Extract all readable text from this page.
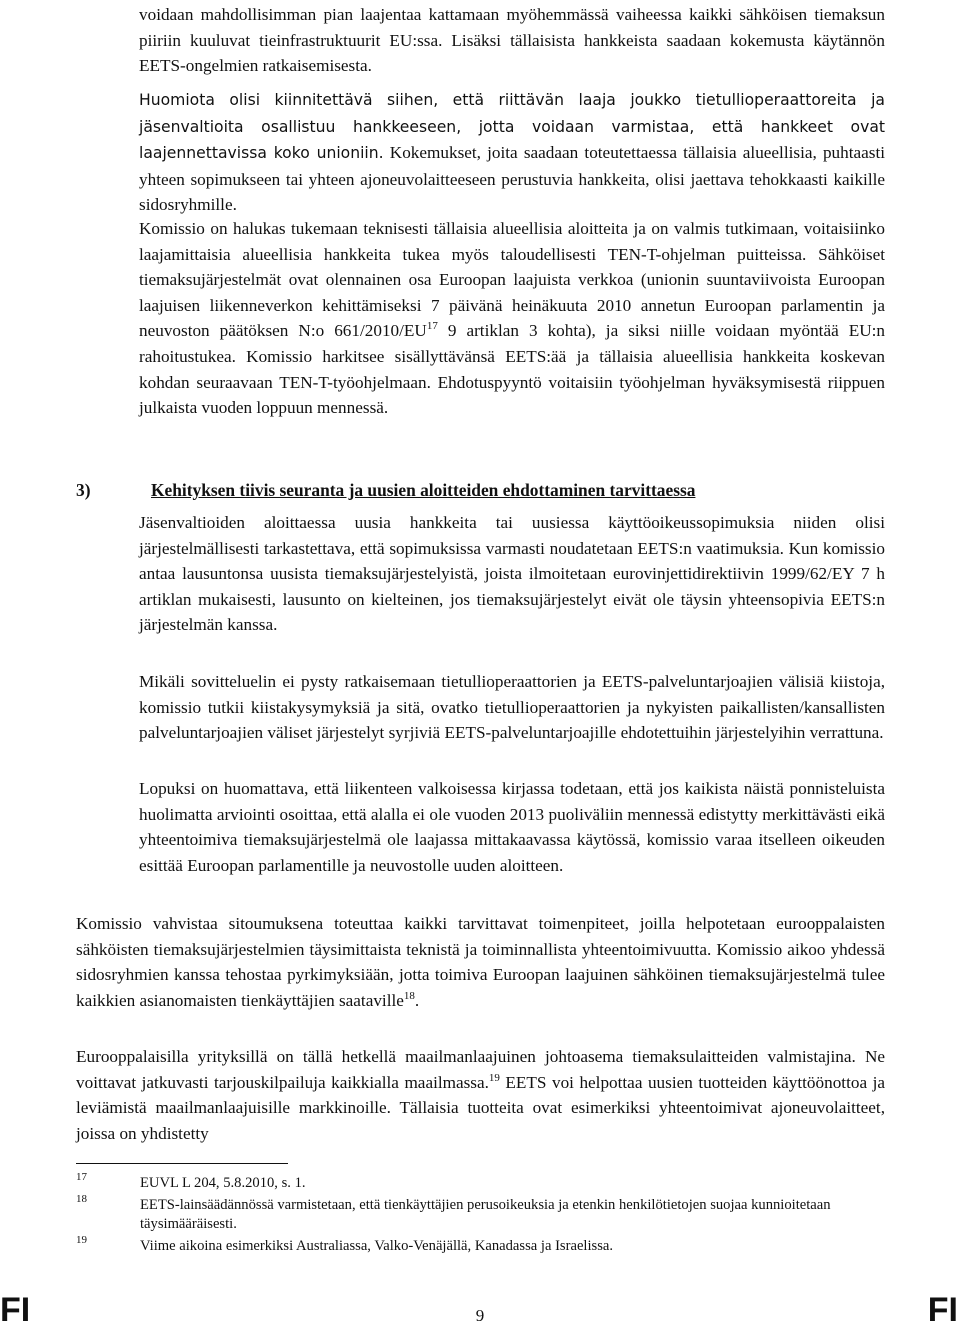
voidaan mahdollisimman pian laajentaa kattamaan myöhemmässä vaiheessa kaikki sähköisen tiemaksun piiriin kuuluvat tieinfrastruktuurit EU:ssa. Lisäksi tällaisista hankkeista saadaan kokemusta käytännön EETS-ongelmien ratkaisemisesta.

Huomiota olisi kiinnitettävä siihen, että riittävän laaja joukko tietullioperaattoreita ja jäsenvaltioita osallistuu hankkeeseen, jotta voidaan varmistaa, että hankkeet ovat laajennettavissa koko unioniin. Kokemukset, joita saadaan toteutettaessa tällaisia alueellisia, puhtaasti yhteen sopimukseen tai yhteen ajoneuvolaitteeseen perustuvia hankkeita, olisi jaettava tehokkaasti kaikille sidosryhmille.

Komissio on halukas tukemaan teknisesti tällaisia alueellisia aloitteita ja on valmis tutkimaan, voitaisiinko laajamittaisia alueellisia hankkeita tukea myös taloudellisesti TEN-T-ohjelman puitteissa. Sähköiset tiemaksujärjestelmät ovat olennainen osa Euroopan laajuista verkkoa (unionin suuntaviivoista Euroopan laajuisen liikenneverkon kehittämiseksi 7 päivänä heinäkuuta 2010 annetun Euroopan parlamentin ja neuvoston päätöksen N:o 661/2010/EU$^{17}$ 9 artiklan 3 kohta), ja siksi niille voidaan myöntää EU:n rahoitustukea. Komissio harkitsee sisällyttävänsä EETS:ää ja tällaisia alueellisia hankkeita koskevan kohdan seuraavaan TEN-T-työohjelmaan. Ehdotuspyyntö voitaisiin työohjelman hyväksymisestä riippuen julkaista vuoden loppuun mennessä.

3)	Kehityksen tiivis seuranta ja uusien aloitteiden ehdottaminen tarvittaessa

Jäsenvaltioiden aloittaessa uusia hankkeita tai uusiessa käyttöoikeussopimuksia niiden olisi järjestelmällisesti tarkastettava, että sopimuksissa varmasti noudatetaan EETS:n vaatimuksia. Kun komissio antaa lausuntonsa uusista tiemaksujärjestelyistä, joista ilmoitetaan eurovinjettidirektiivin 1999/62/EY 7 h artiklan mukaisesti, lausunto on kielteinen, jos tiemaksujärjestelyt eivät ole täysin yhteensopivia EETS:n järjestelmän kanssa.

Mikäli sovitteluelin ei pysty ratkaisemaan tietullioperaattorien ja EETS-palveluntarjoajien välisiä kiistoja, komissio tutkii kiistakysymyksiä ja sitä, ovatko tietullioperaattorien ja nykyisten paikallisten/kansallisten palveluntarjoajien väliset järjestelyt syrjiviä EETS-palveluntarjoajille ehdotettuihin järjestelyihin verrattuna.

Lopuksi on huomattava, että liikenteen valkoisessa kirjassa todetaan, että jos kaikista näistä ponnisteluista huolimatta arviointi osoittaa, että alalla ei ole vuoden 2013 puoliväliin mennessä edistytty merkittävästi eikä yhteentoimiva tiemaksujärjestelmä ole laajassa mittakaavassa käytössä, komissio varaa itselleen oikeuden esittää Euroopan parlamentille ja neuvostolle uuden aloitteen.

Komissio vahvistaa sitoumuksena toteuttaa kaikki tarvittavat toimenpiteet, joilla helpotetaan eurooppalaisten sähköisten tiemaksujärjestelmien täysimittaista teknistä ja toiminnallista yhteentoimivuutta. Komissio aikoo yhdessä sidosryhmien kanssa tehostaa pyrkimyksiään, jotta toimiva Euroopan laajuinen sähköinen tiemaksujärjestelmä tulee kaikkien asianomaisten tienkäyttäjien saataville$^{18}$.

Eurooppalaisilla yrityksillä on tällä hetkellä maailmanlaajuinen johtoasema tiemaksulaitteiden valmistajina. Ne voittavat jatkuvasti tarjouskilpailuja kaikkialla maailmassa.$^{19}$ EETS voi helpottaa uusien tuotteiden käyttöönottoa ja leviämistä maailmanlaajuisille markkinoille. Tällaisia tuotteita ovat esimerkiksi yhteentoimivat ajoneuvolaitteet, joissa on yhdistetty

17	EUVL L 204, 5.8.2010, s. 1.
18	EETS-lainsäädännössä varmistetaan, että tienkäyttäjien perusoikeuksia ja etenkin henkilötietojen suojaa kunnioitetaan täysimääräisesti.
19	Viime aikoina esimerkiksi Australiassa, Valko-Venäjällä, Kanadassa ja Israelissa.
FI	9	FI
